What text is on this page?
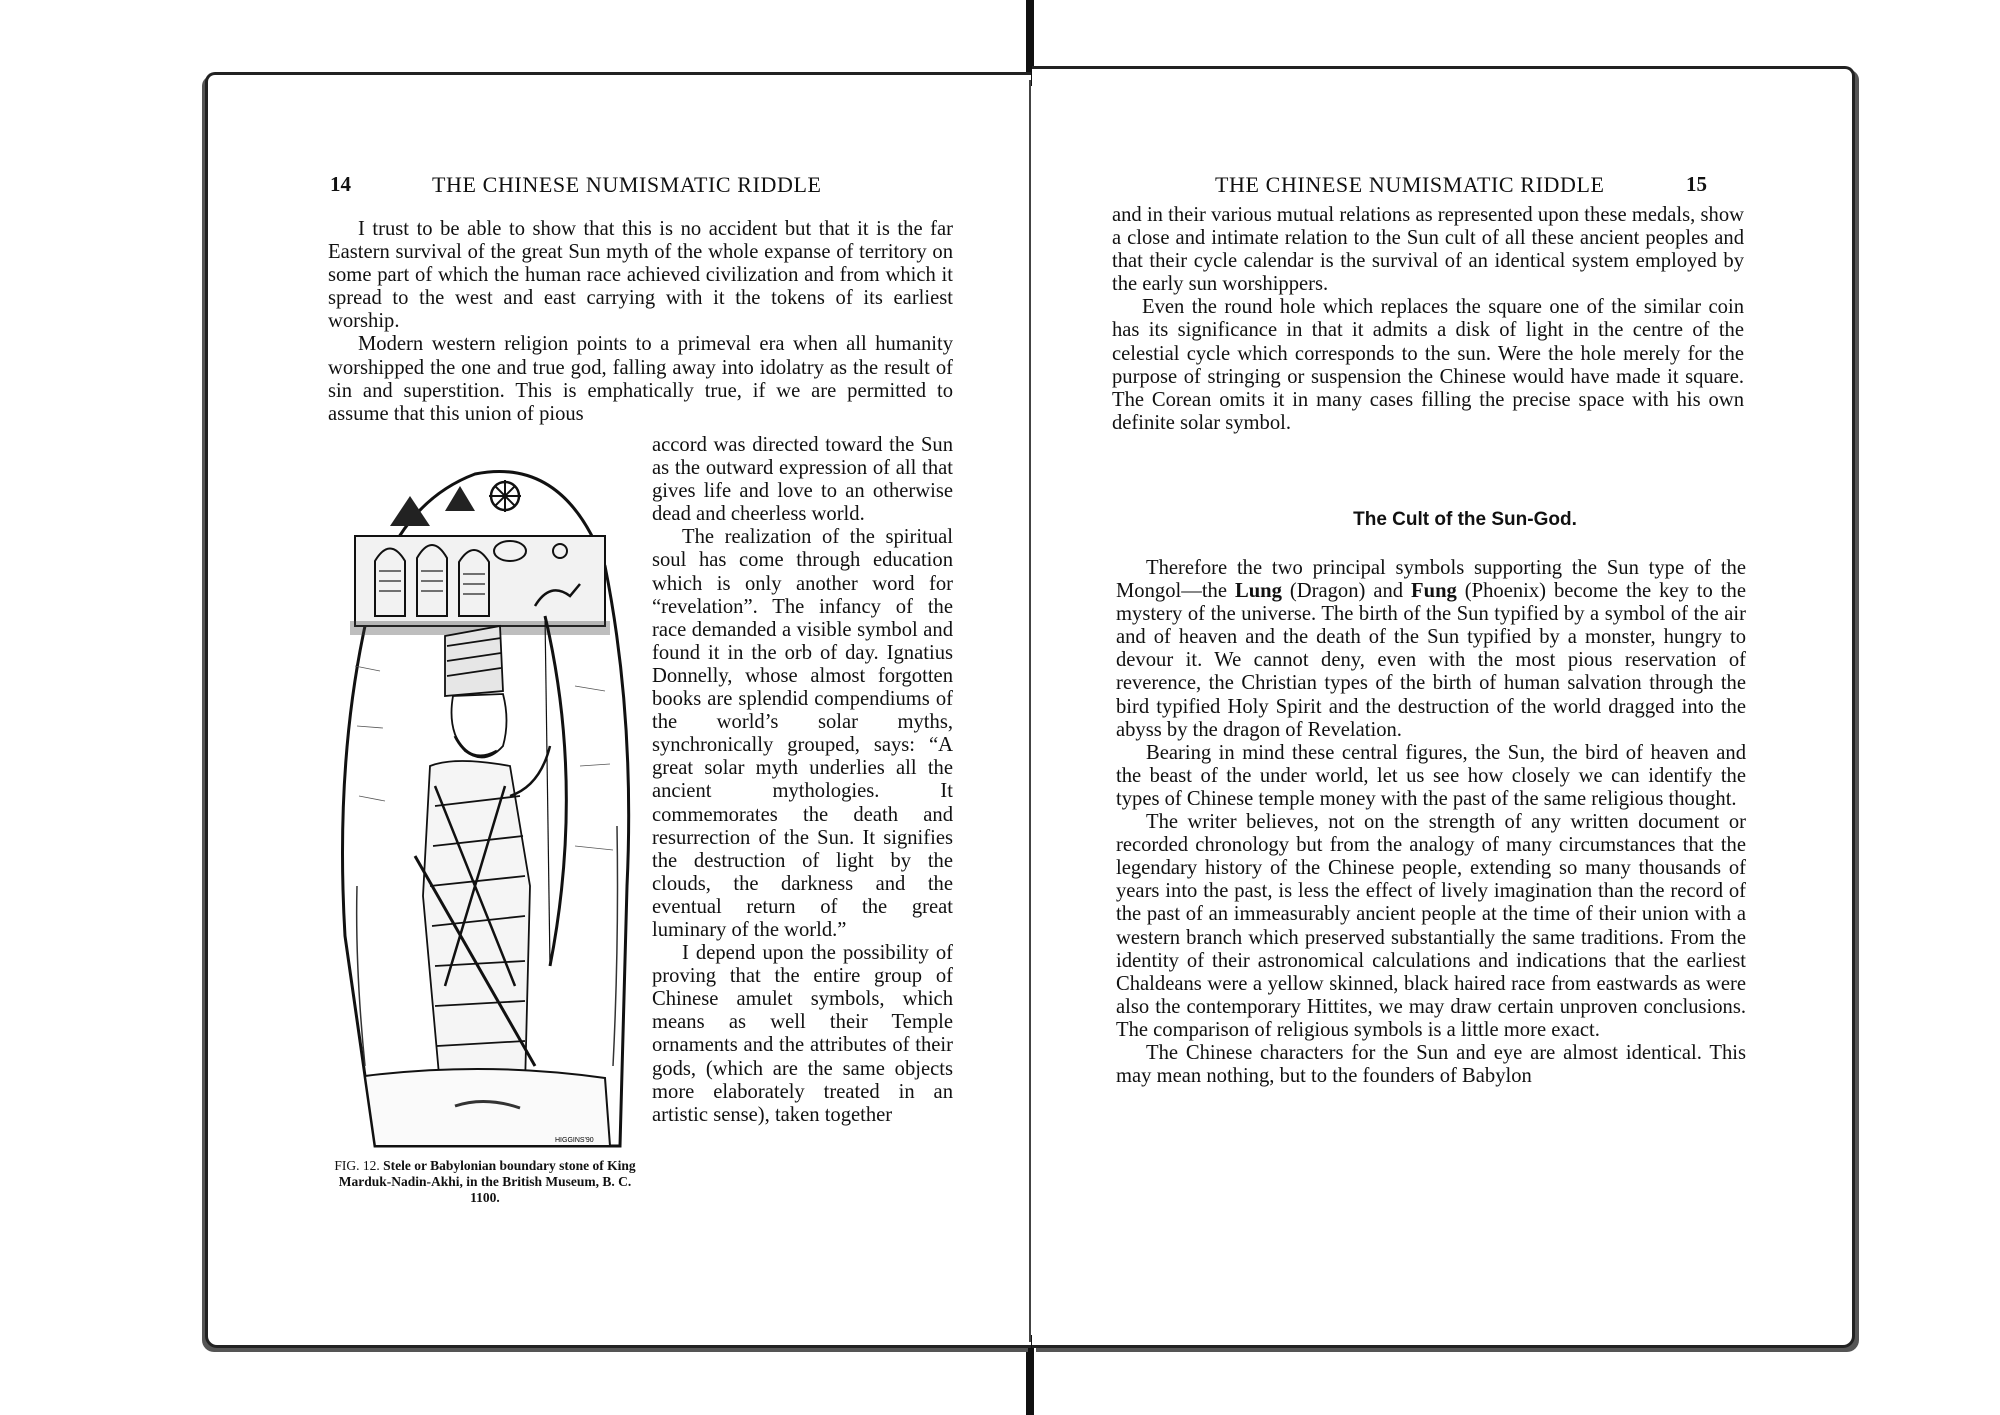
14	THE CHINESE NUMISMATIC RIDDLE

I trust to be able to show that this is no accident but that it is the far Eastern survival of the great Sun myth of the whole expanse of territory on some part of which the human race achieved civilization and from which it spread to the west and east carrying with it the tokens of its earliest worship.

Modern western religion points to a primeval era when all humanity worshipped the one and true god, falling away into idolatry as the result of sin and superstition. This is emphatically true, if we are permitted to assume that this union of pious

accord was directed toward the Sun as the outward expression of all that gives life and love to an otherwise dead and cheerless world.

The realization of the spiritual soul has come through education which is only another word for “revelation”. The infancy of the race demanded a visible symbol and found it in the orb of day. Ignatius Donnelly, whose almost forgotten books are splendid compendiums of the world’s solar myths, synchronically grouped, says: “A great solar myth underlies all the ancient mythologies. It commemorates the death and resurrection of the Sun. It signifies the destruction of light by the clouds, the darkness and the eventual return of the great luminary of the world.”

I depend upon the possibility of proving that the entire group of Chinese amulet symbols, which means as well their Temple ornaments and the attributes of their gods, (which are the same objects more elaborately treated in an artistic sense), taken together

HIGGINS'90
FIG. 12. Stele or Babylonian boundary stone of King Marduk-Nadin-Akhi, in the British Museum, B. C. 1100.
THE CHINESE NUMISMATIC RIDDLE	15

and in their various mutual relations as represented upon these medals, show a close and intimate relation to the Sun cult of all these ancient peoples and that their cycle calendar is the survival of an identical system employed by the early sun worshippers.

Even the round hole which replaces the square one of the similar coin has its significance in that it admits a disk of light in the centre of the celestial cycle which corresponds to the sun. Were the hole merely for the purpose of stringing or suspension the Chinese would have made it square. The Corean omits it in many cases filling the precise space with his own definite solar symbol.

The Cult of the Sun-God.

Therefore the two principal symbols supporting the Sun type of the Mongol—the Lung (Dragon) and Fung (Phoenix) become the key to the mystery of the universe. The birth of the Sun typified by a symbol of the air and of heaven and the death of the Sun typified by a monster, hungry to devour it. We cannot deny, even with the most pious reservation of reverence, the Christian types of the birth of human salvation through the bird typified Holy Spirit and the destruction of the world dragged into the abyss by the dragon of Revelation.

Bearing in mind these central figures, the Sun, the bird of heaven and the beast of the under world, let us see how closely we can identify the types of Chinese temple money with the past of the same religious thought.

The writer believes, not on the strength of any written document or recorded chronology but from the analogy of many circumstances that the legendary history of the Chinese people, extending so many thousands of years into the past, is less the effect of lively imagination than the record of the past of an immeasurably ancient people at the time of their union with a western branch which preserved substantially the same traditions. From the identity of their astronomical calculations and indications that the earliest Chaldeans were a yellow skinned, black haired race from eastwards as were also the contemporary Hittites, we may draw certain unproven conclusions. The comparison of religious symbols is a little more exact.

The Chinese characters for the Sun and eye are almost identical. This may mean nothing, but to the founders of Babylon
